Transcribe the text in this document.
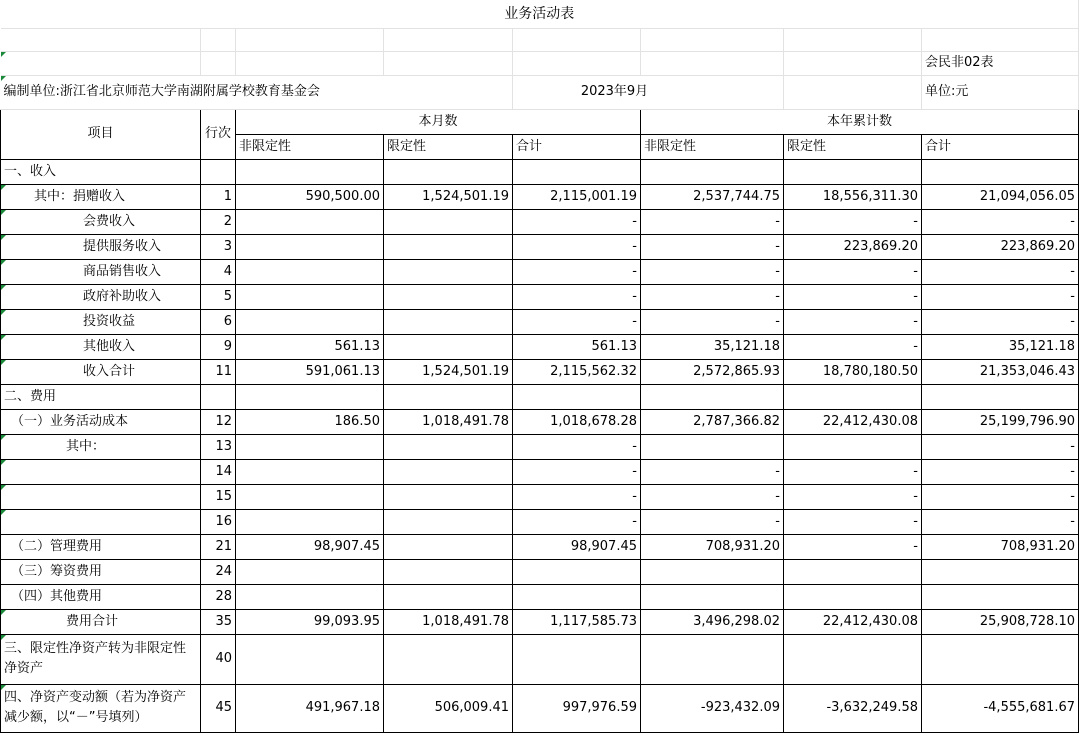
业务活动表							

							会民非02表

编制单位:浙江省北京师范大学南湖附属学校教育基金会				2023年9月			单位:元
项目	行次	本月数			本年累计数		
		非限定性	限定性	合计	非限定性	限定性	合计
一、收入							

其中：捐赠收入	1	590,500.00	1,524,501.19	2,115,001.19	2,537,744.75	18,556,311.30	21,094,056.05

会费收入	2			-	-	-	-

提供服务收入	3			-	-	223,869.20	223,869.20

商品销售收入	4			-	-	-	-

政府补助收入	5			-	-	-	-

投资收益	6			-	-	-	-

其他收入	9	561.13		561.13	35,121.18	-	35,121.18

收入合计	11	591,061.13	1,524,501.19	2,115,562.32	2,572,865.93	18,780,180.50	21,353,046.43
二、费用							
（一）业务活动成本	12	186.50	1,018,491.78	1,018,678.28	2,787,366.82	22,412,430.08	25,199,796.90

其中：	13			-			-

	14			-	-	-	-

	15			-	-	-	-

	16			-	-	-	-
（二）管理费用	21	98,907.45		98,907.45	708,931.20	-	708,931.20
（三）筹资费用	24						
（四）其他费用	28						

费用合计	35	99,093.95	1,018,491.78	1,117,585.73	3,496,298.02	22,412,430.08	25,908,728.10

三、限定性净资产转为非限定性净资产	40						

四、净资产变动额（若为净资产减少额，以“－”号填列）	45	491,967.18	506,009.41	997,976.59	-923,432.09	-3,632,249.58	-4,555,681.67
